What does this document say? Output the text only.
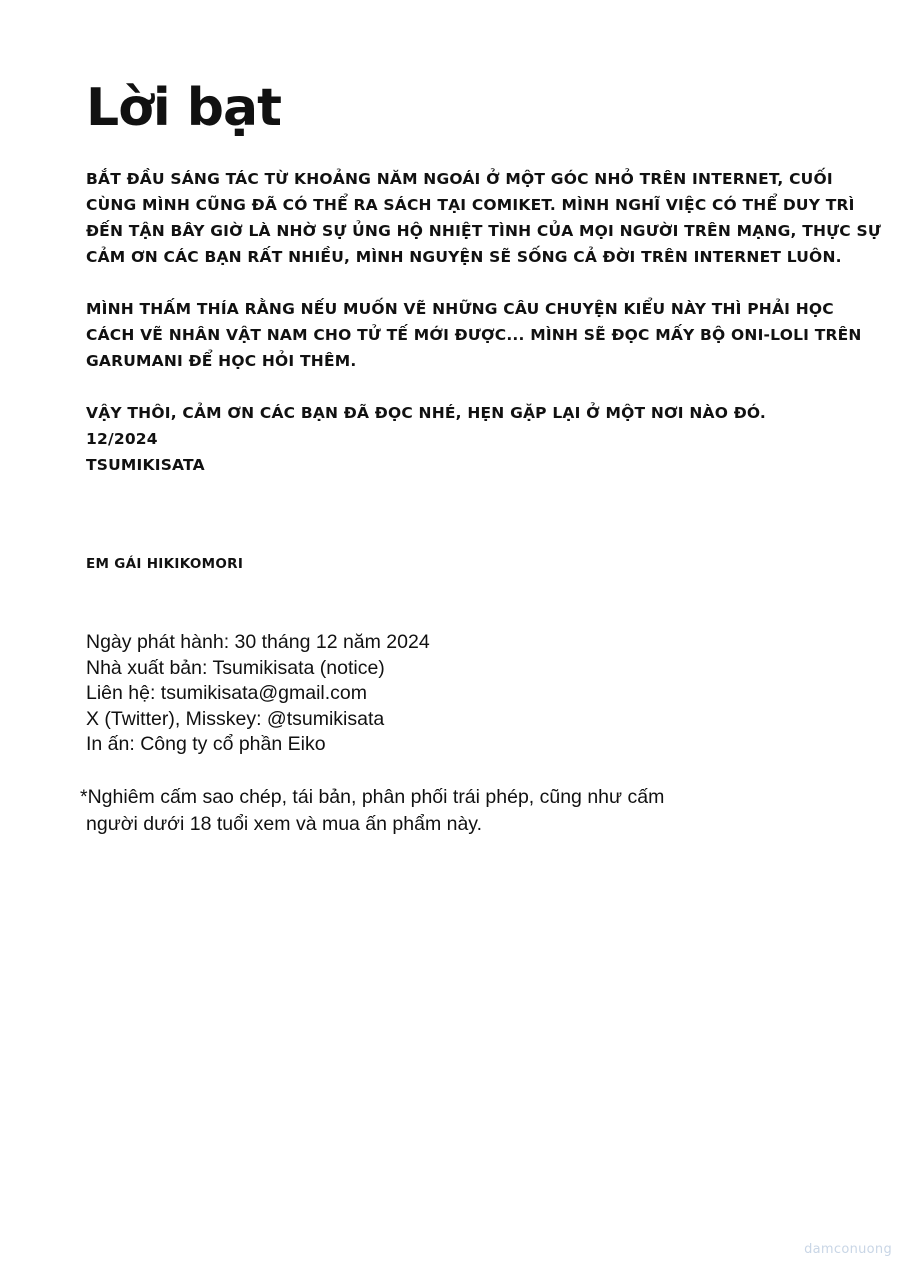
Lời bạt

BẮT ĐẦU SÁNG TÁC TỪ KHOẢNG NĂM NGOÁI Ở MỘT GÓC NHỎ TRÊN INTERNET, CUỐI CÙNG MÌNH CŨNG ĐÃ CÓ THỂ RA SÁCH TẠI COMIKET. MÌNH NGHĨ VIỆC CÓ THỂ DUY TRÌ ĐẾN TẬN BÂY GIỜ LÀ NHỜ SỰ ỦNG HỘ NHIỆT TÌNH CỦA MỌI NGƯỜI TRÊN MẠNG, THỰC SỰ CẢM ƠN CÁC BẠN RẤT NHIỀU, MÌNH NGUYỆN SẼ SỐNG CẢ ĐỜI TRÊN INTERNET LUÔN.

MÌNH THẤM THÍA RẰNG NẾU MUỐN VẼ NHỮNG CÂU CHUYỆN KIỂU NÀY THÌ PHẢI HỌC CÁCH VẼ NHÂN VẬT NAM CHO TỬ TẾ MỚI ĐƯỢC... MÌNH SẼ ĐỌC MẤY BỘ ONI-LOLI TRÊN GARUMANI ĐỂ HỌC HỎI THÊM.

VẬY THÔI, CẢM ƠN CÁC BẠN ĐÃ ĐỌC NHÉ, HẸN GẶP LẠI Ở MỘT NƠI NÀO ĐÓ.

12/2024

TSUMIKISATA

EM GÁI HIKIKOMORI
Ngày phát hành: 30 tháng 12 năm 2024
Nhà xuất bản: Tsumikisata (notice)
Liên hệ: tsumikisata@gmail.com
X (Twitter), Misskey: @tsumikisata
In ấn: Công ty cổ phần Eiko
*Nghiêm cấm sao chép, tái bản, phân phối trái phép, cũng như cấm
người dưới 18 tuổi xem và mua ấn phẩm này.
damconuong
